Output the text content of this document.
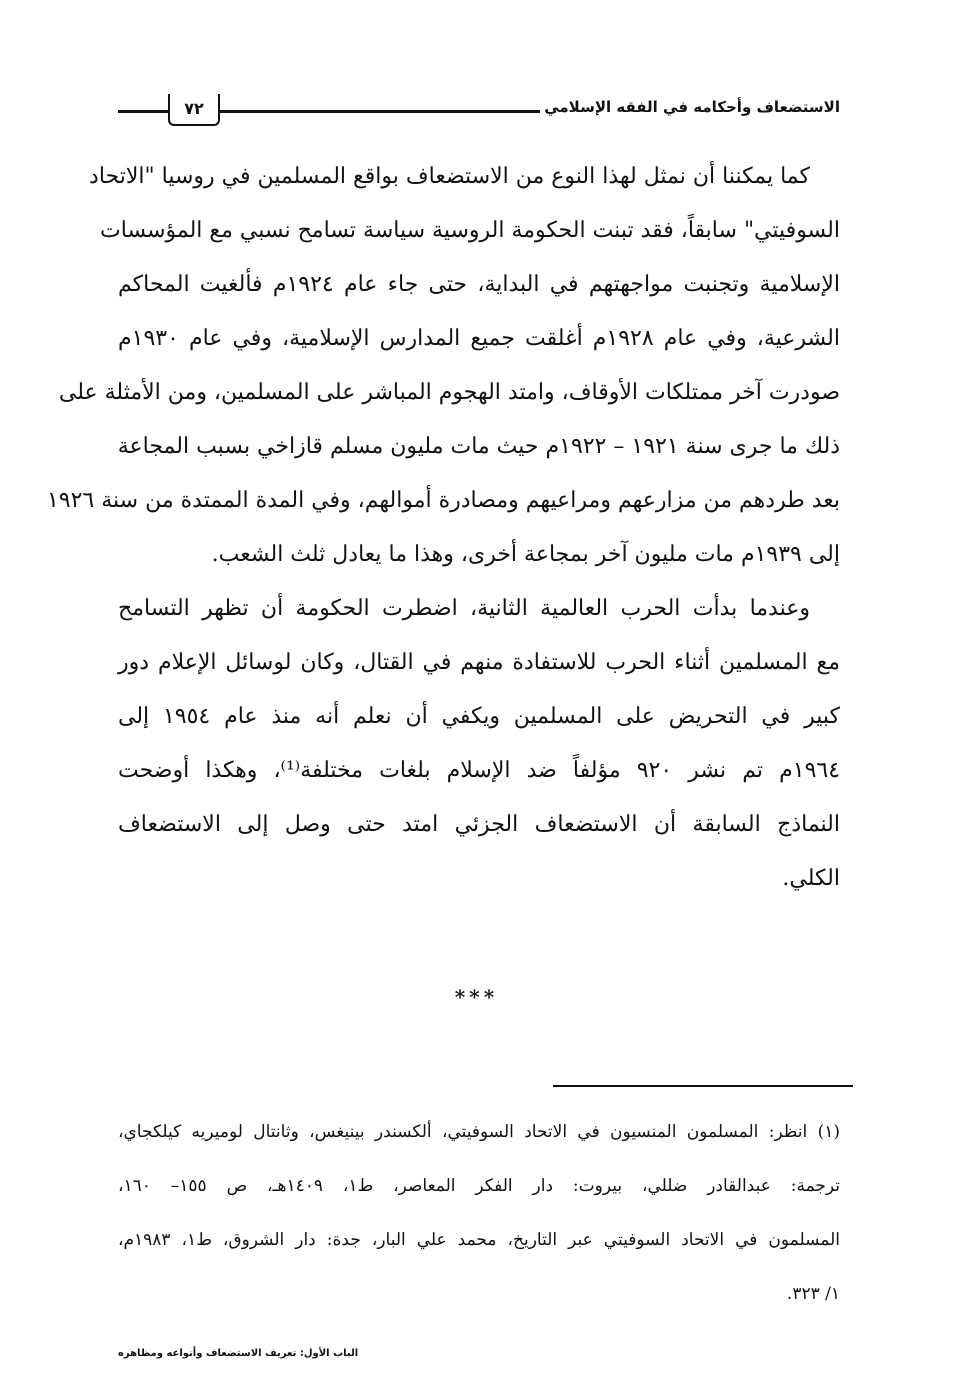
الاستضعاف وأحكامه في الفقه الإسلامي
٧٢
كما يمكننا أن نمثل لهذا النوع من الاستضعاف بواقع المسلمين في روسيا "الاتحاد
السوفيتي" سابقاً، فقد تبنت الحكومة الروسية سياسة تسامح نسبي مع المؤسسات
الإسلامية وتجنبت مواجهتهم في البداية، حتى جاء عام ١٩٢٤م فألغيت المحاكم
الشرعية، وفي عام ١٩٢٨م أغلقت جميع المدارس الإسلامية، وفي عام ١٩٣٠م
صودرت آخر ممتلكات الأوقاف، وامتد الهجوم المباشر على المسلمين، ومن الأمثلة على
ذلك ما جرى سنة ١٩٢١ – ١٩٢٢م حيث مات مليون مسلم قازاخي بسبب المجاعة
بعد طردهم من مزارعهم ومراعيهم ومصادرة أموالهم، وفي المدة الممتدة من سنة ١٩٢٦
إلى ١٩٣٩م مات مليون آخر بمجاعة أخرى، وهذا ما يعادل ثلث الشعب.
وعندما بدأت الحرب العالمية الثانية، اضطرت الحكومة أن تظهر التسامح
مع المسلمين أثناء الحرب للاستفادة منهم في القتال، وكان لوسائل الإعلام دور
كبير في التحريض على المسلمين ويكفي أن نعلم أنه منذ عام ١٩٥٤ إلى
١٩٦٤م تم نشر ٩٢٠ مؤلفاً ضد الإسلام بلغات مختلفة⁽¹⁾، وهكذا أوضحت
النماذج السابقة أن الاستضعاف الجزئي امتد حتى وصل إلى الاستضعاف
الكلي.
***
(١) انظر: المسلمون المنسيون في الاتحاد السوفيتي، ألكسندر بينيغس، وثانتال لوميريه كيلكجاي،
ترجمة: عبدالقادر ضللي، بيروت: دار الفكر المعاصر، ط١، ١٤٠٩هـ، ص ١٥٥– ١٦٠،
المسلمون في الاتحاد السوفيتي عبر التاريخ، محمد علي البار، جدة: دار الشروق، ط١، ١٩٨٣م،
١/ ٣٢٣.
الباب الأول: تعريف الاستضعاف وأنواعه ومظاهره
